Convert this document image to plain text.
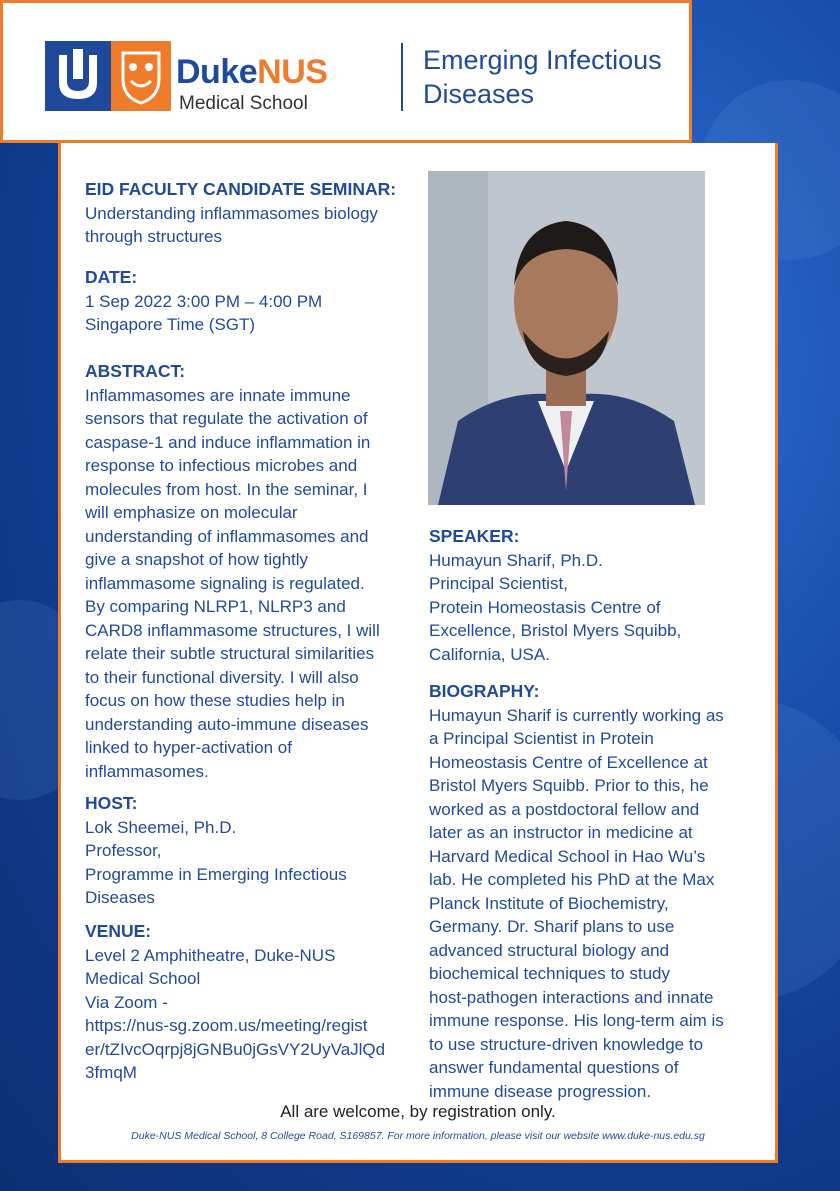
DukeNUS
Medical School
Emerging Infectious
Diseases
EID FACULTY CANDIDATE SEMINAR:
Understanding inflammasomes biology
through structures
DATE:
1 Sep 2022 3:00 PM – 4:00 PM
Singapore Time (SGT)
ABSTRACT:
Inflammasomes are innate immune
sensors that regulate the activation of
caspase-1 and induce inflammation in
response to infectious microbes and
molecules from host. In the seminar, I
will emphasize on molecular
understanding of inflammasomes and
give a snapshot of how tightly
inflammasome signaling is regulated.
By comparing NLRP1, NLRP3 and
CARD8 inflammasome structures, I will
relate their subtle structural similarities
to their functional diversity. I will also
focus on how these studies help in
understanding auto-immune diseases
linked to hyper-activation of
inflammasomes.
HOST:
Lok Sheemei, Ph.D.
Professor,
Programme in Emerging Infectious
Diseases
VENUE:
Level 2 Amphitheatre, Duke-NUS
Medical School
Via Zoom -
https://nus-sg.zoom.us/meeting/regist
er/tZIvcOqrpj8jGNBu0jGsVY2UyVaJlQd
3fmqM
SPEAKER:
Humayun Sharif, Ph.D.
Principal Scientist,
Protein Homeostasis Centre of
Excellence, Bristol Myers Squibb,
California, USA.
BIOGRAPHY:
Humayun Sharif is currently working as
a Principal Scientist in Protein
Homeostasis Centre of Excellence at
Bristol Myers Squibb. Prior to this, he
worked as a postdoctoral fellow and
later as an instructor in medicine at
Harvard Medical School in Hao Wu’s
lab. He completed his PhD at the Max
Planck Institute of Biochemistry,
Germany. Dr. Sharif plans to use
advanced structural biology and
biochemical techniques to study
host-pathogen interactions and innate
immune response. His long-term aim is
to use structure-driven knowledge to
answer fundamental questions of
immune disease progression.
All are welcome, by registration only.
Duke-NUS Medical School, 8 College Road, S169857. For more information, please visit our website www.duke-nus.edu.sg
